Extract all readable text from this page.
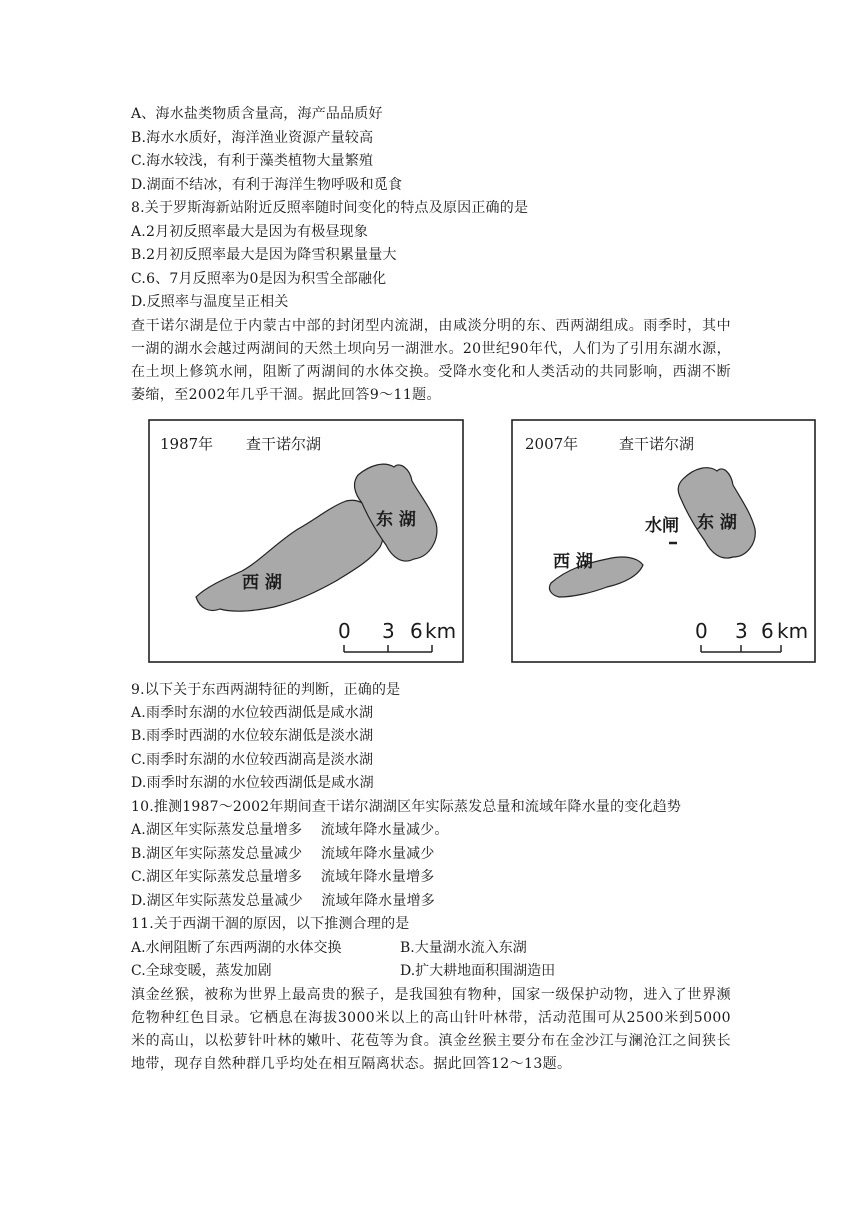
A、海水盐类物质含量高，海产品品质好
B.海水水质好，海洋渔业资源产量较高
C.海水较浅，有利于藻类植物大量繁殖
D.湖面不结冰，有利于海洋生物呼吸和觅食
8.关于罗斯海新站附近反照率随时间变化的特点及原因正确的是
A.2月初反照率最大是因为有极昼现象
B.2月初反照率最大是因为降雪积累量量大
C.6、7月反照率为0是因为积雪全部融化
D.反照率与温度呈正相关
查干诺尔湖是位于内蒙古中部的封闭型内流湖，由咸淡分明的东、西两湖组成。雨季时，其中一湖的湖水会越过两湖间的天然土坝向另一湖泄水。20世纪90年代，人们为了引用东湖水源，在土坝上修筑水闸，阻断了两湖间的水体交换。受降水变化和人类活动的共同影响，西湖不断萎缩，至2002年几乎干涸。据此回答9～11题。
1987年 查干诺尔湖
东 湖
西 湖
0 3 6 km
2007年	查干诺尔湖
水闸 东 湖
西 湖
0 3 6 km
9.以下关于东西两湖特征的判断，正确的是
A.雨季时东湖的水位较西湖低是咸水湖
B.雨季时西湖的水位较东湖低是淡水湖
C.雨季时东湖的水位较西湖高是淡水湖
D.雨季时东湖的水位较西湖低是咸水湖
10.推测1987～2002年期间查干诺尔湖湖区年实际蒸发总量和流域年降水量的变化趋势
A.湖区年实际蒸发总量增多    流域年降水量减少。
B.湖区年实际蒸发总量减少    流域年降水量减少
C.湖区年实际蒸发总量增多    流域年降水量增多
D.湖区年实际蒸发总量减少    流域年降水量增多
11.关于西湖干涸的原因，以下推测合理的是
A.水闸阻断了东西两湖的水体交换	B.大量湖水流入东湖
C.全球变暖，蒸发加剧	D.扩大耕地面积围湖造田
滇金丝猴，被称为世界上最高贵的猴子，是我国独有物种，国家一级保护动物，进入了世界濒危物种红色目录。它栖息在海拔3000米以上的高山针叶林带，活动范围可从2500米到5000米的高山，以松萝针叶林的嫩叶、花苞等为食。滇金丝猴主要分布在金沙江与澜沧江之间狭长地带，现存自然种群几乎均处在相互隔离状态。据此回答12～13题。
